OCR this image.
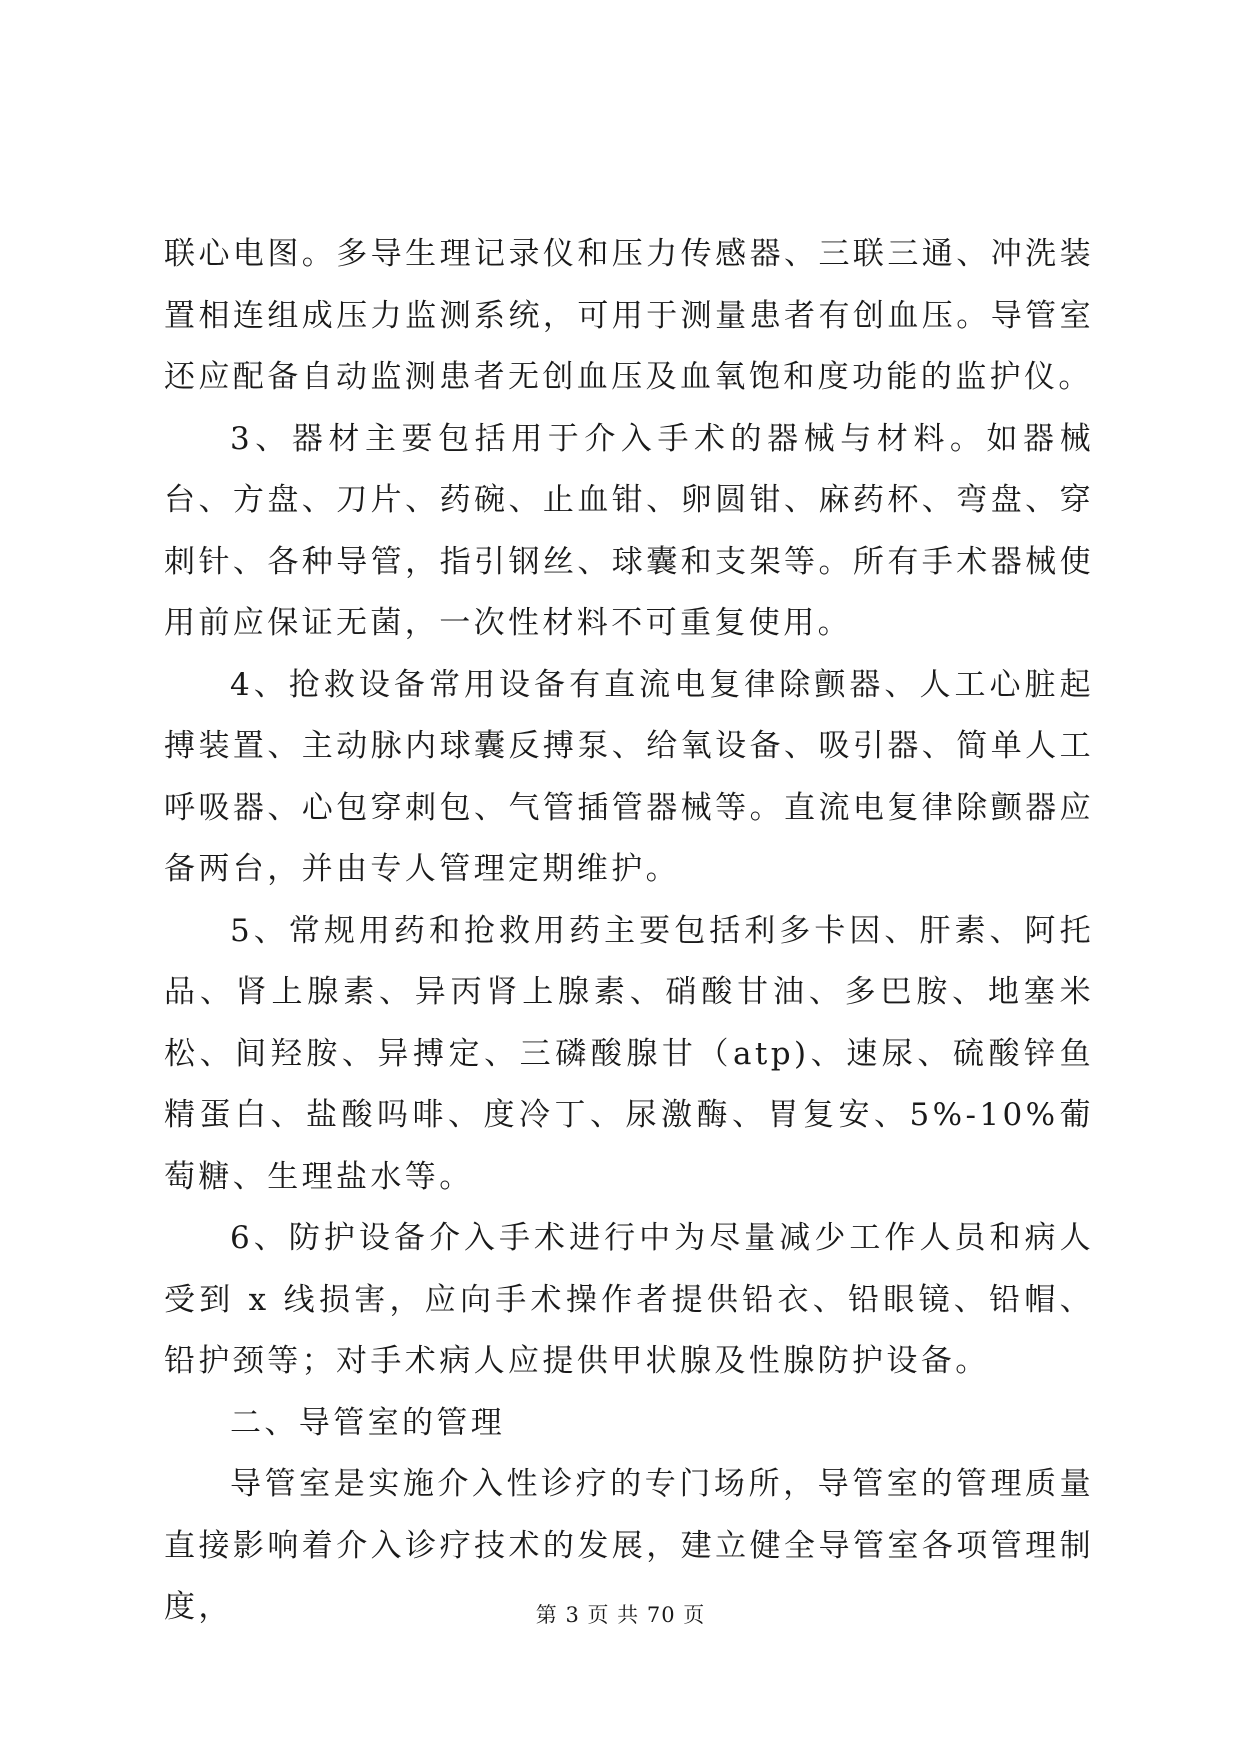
联心电图。多导生理记录仪和压力传感器、三联三通、冲洗装置相连组成压力监测系统，可用于测量患者有创血压。导管室还应配备自动监测患者无创血压及血氧饱和度功能的监护仪。

3、器材主要包括用于介入手术的器械与材料。如器械台、方盘、刀片、药碗、止血钳、卵圆钳、麻药杯、弯盘、穿刺针、各种导管，指引钢丝、球囊和支架等。所有手术器械使用前应保证无菌，一次性材料不可重复使用。

4、抢救设备常用设备有直流电复律除颤器、人工心脏起搏装置、主动脉内球囊反搏泵、给氧设备、吸引器、简单人工呼吸器、心包穿刺包、气管插管器械等。直流电复律除颤器应备两台，并由专人管理定期维护。

5、常规用药和抢救用药主要包括利多卡因、肝素、阿托品、肾上腺素、异丙肾上腺素、硝酸甘油、多巴胺、地塞米松、间羟胺、异搏定、三磷酸腺甘（atp)、速尿、硫酸锌鱼精蛋白、盐酸吗啡、度冷丁、尿激酶、胃复安、5%-10%葡萄糖、生理盐水等。

6、防护设备介入手术进行中为尽量减少工作人员和病人受到 x 线损害，应向手术操作者提供铅衣、铅眼镜、铅帽、铅护颈等；对手术病人应提供甲状腺及性腺防护设备。

二、导管室的管理

导管室是实施介入性诊疗的专门场所，导管室的管理质量直接影响着介入诊疗技术的发展，建立健全导管室各项管理制度，	第 3 页 共 70 页
